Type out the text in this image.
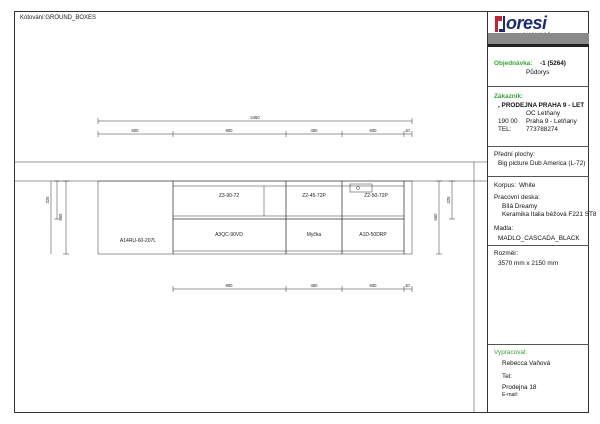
Kótování:GROUND_BOXES
2450
600	900	450	500	10
900	450	500	10
325
665	660
325
A14RU-60-207L
Z3-90-72	Z2-45-72P	Z2-50-72P
A3QC-90VD	Myčka	A1D-50DRP
oresi
Objednávka: -1 (5264)
Půdorys
Zákazník:
, PRODEJNA PRAHA 9 - LET
OC Letňany
190 00 Praha 9 - Letňany
TEL: 773788274
Přední plochy:
Big picture Dub America (L-72)
Korpus: White
Pracovní deska:
Bílá Dreamy
Keramika Italia béžová F221 ST8
Madla:
MADLO_CASCADA_BLACK
Rozměr:
3570 mm x 2150 mm
Vypracoval:
Rebecca Vaňová
Tel:
Prodejna 18
E-mail:
